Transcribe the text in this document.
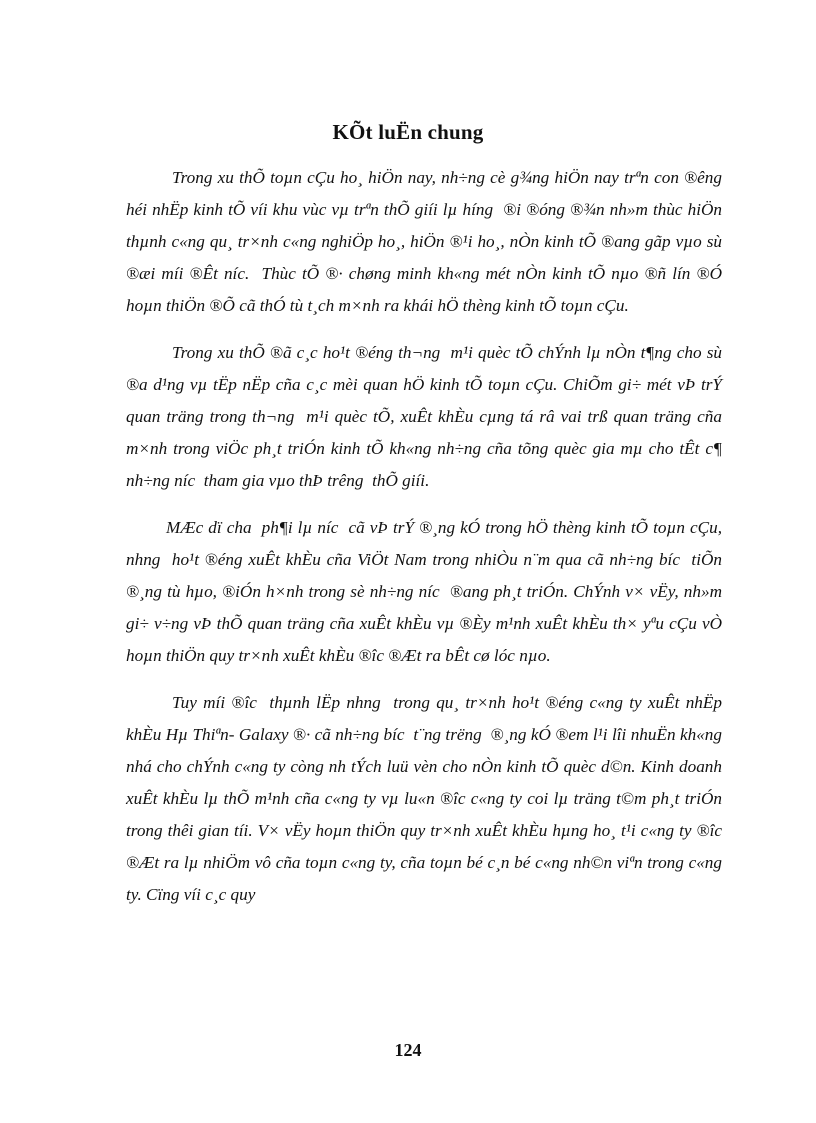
KÕt luËn chung

Trong xu thÕ toµn cÇu ho¸ hiÖn nay, nh÷ng cè g¾ng hiÖn nay trªn con ®êng  héi nhËp kinh tÕ víi khu vùc vµ trªn thÕ giíi lµ híng  ®i ®óng ®¾n nh»m thùc hiÖn thµnh c«ng qu¸ tr×nh c«ng nghiÖp ho¸, hiÖn ®¹i ho¸, nÒn kinh tÕ ®ang gãp vµo sù ®æi míi ®Êt níc.  Thùc tÕ ®· chøng minh kh«ng mét nÒn kinh tÕ nµo ®ñ lín ®Ó hoµn thiÖn ®Õ cã thÓ tù t¸ch m×nh ra khái hÖ thèng kinh tÕ toµn cÇu.

Trong xu thÕ ®ã c¸c ho¹t ®éng th¬ng  m¹i quèc tÕ chÝnh lµ nÒn t¶ng cho sù ®a d¹ng vµ tËp nËp cña c¸c mèi quan hÖ kinh tÕ toµn cÇu. ChiÕm gi÷ mét vÞ trÝ quan träng trong th¬ng  m¹i quèc tÕ, xuÊt khÈu cµng tá râ vai trß quan träng cña m×nh trong viÖc ph¸t triÓn kinh tÕ kh«ng nh÷ng cña tõng quèc gia mµ cho tÊt c¶ nh÷ng níc  tham gia vµo thÞ trêng  thÕ giíi.

MÆc dï cha  ph¶i lµ níc  cã vÞ trÝ ®¸ng kÓ trong hÖ thèng kinh tÕ toµn cÇu, nhng  ho¹t ®éng xuÊt khÈu cña ViÖt Nam trong nhiÒu n¨m qua cã nh÷ng bíc  tiÕn ®¸ng tù hµo, ®iÓn h×nh trong sè nh÷ng níc  ®ang ph¸t triÓn. ChÝnh v× vËy, nh»m gi÷ v÷ng vÞ thÕ quan träng cña xuÊt khÈu vµ ®Èy m¹nh xuÊt khÈu th× yªu cÇu vÒ hoµn thiÖn quy tr×nh xuÊt khÈu ®îc ®Æt ra bÊt cø lóc nµo.

Tuy míi ®îc  thµnh lËp nhng  trong qu¸ tr×nh ho¹t ®éng c«ng ty xuÊt nhËp khÈu Hµ Thiªn- Galaxy ®· cã nh÷ng bíc  t¨ng trëng  ®¸ng kÓ ®em l¹i lîi nhuËn kh«ng nhá cho chÝnh c«ng ty còng nh tÝch luü vèn cho nÒn kinh tÕ quèc d©n. Kinh doanh xuÊt khÈu lµ thÕ m¹nh cña c«ng ty vµ lu«n ®îc c«ng ty coi lµ träng t©m ph¸t triÓn trong thêi gian tíi. V× vËy hoµn thiÖn quy tr×nh xuÊt khÈu hµng ho¸ t¹i c«ng ty ®îc ®Æt ra lµ nhiÖm vô cña toµn c«ng ty, cña toµn bé c¸n bé c«ng nh©n viªn trong c«ng ty. Cïng víi c¸c quy

124
